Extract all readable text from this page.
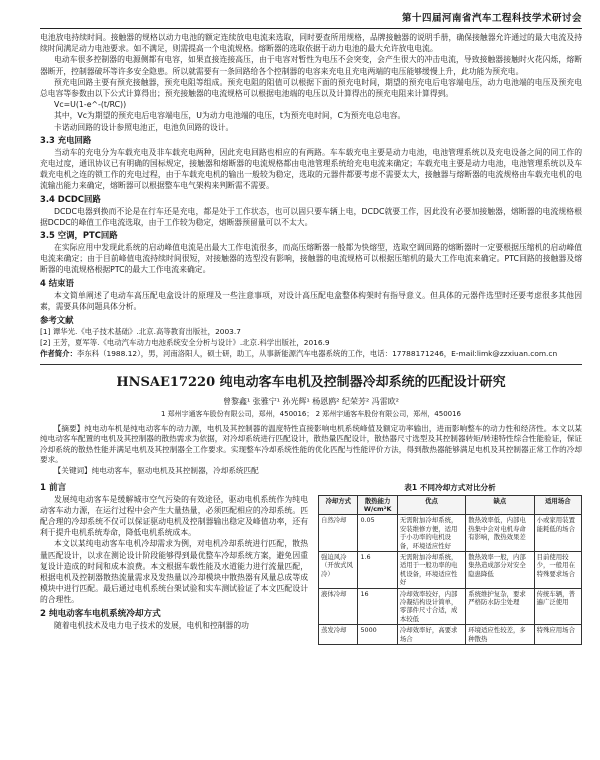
第十四届河南省汽车工程科技学术研讨会

电池放电持续时间。接触器的规格以动力电池的额定连续放电电流来选取，同时要查所用规格，品牌接触器的说明手册，确保接触器允许通过的最大电流及持续时间满足动力电池要求。如不满足，则需提高一个电流规格。熔断器的选取依据于动力电池的最大允许放电电流。

电动车很多控制器的电源侧都有电容，如果直接连接高压，由于电容对暂性为电压不会突变，会产生很大的冲击电流，导致接触器接触时火花闪烁，熔断器断开，控制器破坏等许多安全隐患。所以就需要有一条回路给各个控制器的电容来充电且充电两端的电压能够缓慢上升，此功能为预充电。

预充电回路主要有预充接触器，预充电阻等组成。预充电阻的阻值可以根据下面的预充电时间，期望的预充电后电容端电压，动力电池端的电压及预充电总电容等参数由以下公式计算得出；预充接触器的电流规格可以根据电池端的电压以及计算得出的预充电阻来计算得到。

Vc=U(1-e^-(t/RC))

其中，Vc为期望的预充电后电容端电压，U为动力电池端的电压，t为预充电时间，C为预充电总电容。

卡诺动回路的设计参照电池正，电池负回路的设计。

3.3 充电回路

当动车的充电分为车载充电及非车载充电两种，因此充电回路也相应的有两路。车车载充电主要是动力电池，电池管理系统以及充电设备之间的同工作的充电过度，通讯协议已有明确的国标规定，接触器和熔断器的电流规格都由电池管理系统给充电电流来确定；车载充电主要是动力电池，电池管理系统以及车载充电机之连的锁工作的充电过程，由于车载充电机的输出一般较为稳定，选取的元器件都要考虑不需要太大，接触器与熔断器的电流规格由车载充电机的电流输出能力来确定，熔断器可以根据整车电气架构来判断需不需要。

3.4 DCDC回路

DCDC电器到换而不论是在行车还是充电，都是处于工作状态，也可以固只要车辆上电，DCDC就要工作，因此没有必要加接触器，熔断器的电流规格根据DCDC的峰值工作电流选取，由于工作较为稳定，熔断器预留量可以不太大。

3.5 空调，PTC回路

在实际应用中发现此系统的启动峰值电流是出最大工作电流很多，而高压熔断器一般都为快熔型，选取空调回路的熔断器时一定要根据压缩机的启动峰值电流来确定；由于目前峰值电流持续时间很短，对接触器的选型没有影响，接触器的电流规格可以根据压缩机的最大工作电流来确定。PTC回路的接触器及熔断器的电流规格根据PTC的最大工作电流来确定。

4 结束语

本文简单阐述了电动车高压配电盒设计的原理及一些注意事项，对设计高压配电盒整体构架时有指导意义。但具体的元器件选型时还要考虑很多其他因素，需要具体问题具体分析。

参考文献
[1] 谭华光.《电子技术基础》.北京.高等教育出版社，2003.7
[2] 王芳，夏军等.《电动汽车动力电池系统安全分析与设计》.北京.科学出版社，2016.9
作者简介：李东科（1988.12），男，河南洛阳人，硕士研，助工，从事新能源汽车电器系统的工作，电话：17788171246，E-mail:limk@zzxiuan.com.cn
HNSAE17220 纯电动客车电机及控制器冷却系统的匹配设计研究
曾黎鑫¹ 张雅宁¹ 孙光辉¹ 杨恩鸥² 纪荣芳² 冯雷欧²
1 郑州宇通客车股份有限公司，郑州，450016； 2 郑州宇通客车股份有限公司，郑州，450016
【摘要】纯电动车机是纯电动客车的动力源，电机及其控制器的温度特性直接影响电机系统峰值及额定功率输出，进而影响整车的动力性和经济性。本文以某纯电动客车配置的电机及其控制器的散热需求为依据，对冷却系统进行匹配设计，散热量匹配设计，散热器尺寸选型及其控制器转矩/转速特性综合性能验证，保证冷却系统的散热性能并满足电机及其控制器全工作要求。实现整车冷却系统性能的优化匹配与性能评价方法，得到散热器能够满足电机及其控制器正常工作的冷却要求。
【关键词】纯电动客车，驱动电机及其控制器，冷却系统匹配
1 前言

发展纯电动客车是缓解城市空气污染的有效途径，驱动电机系统作为纯电动客车动力源，在运行过程中会产生大量热量，必须匹配相应的冷却系统。匹配合理的冷却系统不仅可以保证驱动电机及控制器输出稳定及峰值功率，还有利于提升电机系统寿命，降低电机系统成本。

本文以某纯电动客车电机冷却需求为例，对电机冷却系统进行匹配，散热量匹配设计，以求在测论设计阶段能够得到最优整车冷却系统方案，避免因重复设计造成的时间和成本浪费。本文根据车载性能及水道能力进行流量匹配，根据电机及控制器散热流量需求及发热量以冷却模块中散热器有风量总成等成模块中进行匹配。最后通过电机系统台架试验和实车测试验证了本文匹配设计的合理性。

2 纯电动客车电机系统冷却方式

随着电机技术及电力电子技术的发展，电机和控制器的功

表1 不同冷却方式对比分析
冷却方式	散热能力 W/cm²K	优点	缺点	适用场合
自然冷却	0.05	无需附加冷却系统，安装维修方便，适用于小功率的电机设备，环境适应性好	散热效率低，内部电热集中会对电机寿命有影响，散热效果差	小或家用装置能耗低的场合
强迫风冷（开放式风冷）	1.6	无需附加冷却系统，适用于一般功率的电机设备，环境适应性好	散热效率一般，内部集热造成部分对安全隐患降低	目前使用较少，一般用在特殊要求场合
液体冷却	16	冷却效率较好，内部冷凝结构设计简单，零部件尺寸合适，成本较低	系统维护复杂，要求严格防水防尘处理	传统车辆，普遍广泛使用
蒸发冷却	5000	冷却效率好，高要求场合	环境适应性较差，多种散热	特殊应用场合
